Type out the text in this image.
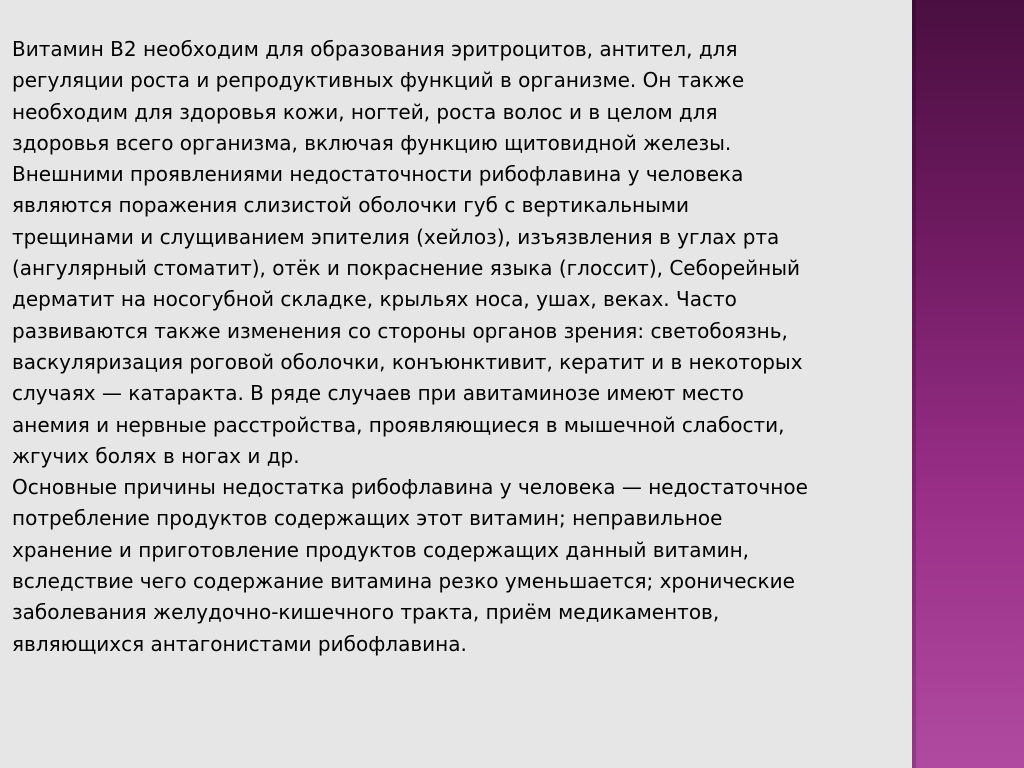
Витамин B2 необходим для образования эритроцитов, антител, для
регуляции роста и репродуктивных функций в организме. Он также
необходим для здоровья кожи, ногтей, роста волос и в целом для
здоровья всего организма, включая функцию щитовидной железы.
Внешними проявлениями недостаточности рибофлавина у человека
являются поражения слизистой оболочки губ с вертикальными
трещинами и слущиванием эпителия (хейлоз), изъязвления в углах рта
(ангулярный стоматит), отёк и покраснение языка (глоссит), Себорейный
дерматит на носогубной складке, крыльях носа, ушах, веках. Часто
развиваются также изменения со стороны органов зрения: светобоязнь,
васкуляризация роговой оболочки, конъюнктивит, кератит и в некоторых
случаях — катаракта. В ряде случаев при авитаминозе имеют место
анемия и нервные расстройства, проявляющиеся в мышечной слабости,
жгучих болях в ногах и др.
Основные причины недостатка рибофлавина у человека — недостаточное
потребление продуктов содержащих этот витамин; неправильное
хранение и приготовление продуктов содержащих данный витамин,
вследствие чего содержание витамина резко уменьшается; хронические
заболевания желудочно-кишечного тракта, приём медикаментов,
являющихся антагонистами рибофлавина.
